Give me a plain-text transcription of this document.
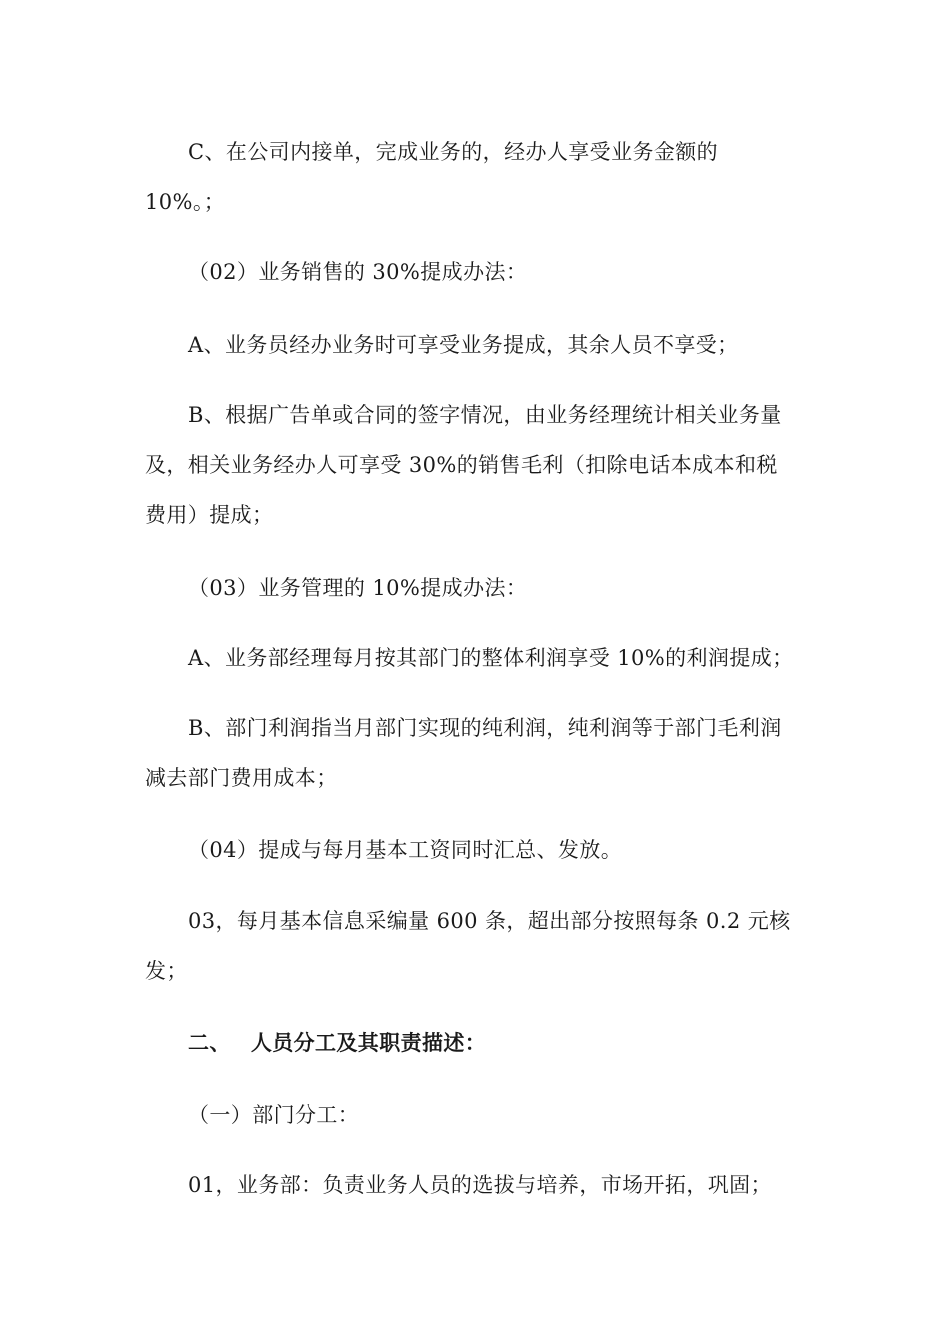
C、在公司内接单，完成业务的，经办人享受业务金额的
10%。；
（02）业务销售的 30%提成办法：
A、业务员经办业务时可享受业务提成，其余人员不享受；
B、根据广告单或合同的签字情况，由业务经理统计相关业务量
及，相关业务经办人可享受 30%的销售毛利（扣除电话本成本和税
费用）提成；
（03）业务管理的 10%提成办法：
A、业务部经理每月按其部门的整体利润享受 10%的利润提成；
B、部门利润指当月部门实现的纯利润，纯利润等于部门毛利润
减去部门费用成本；
（04）提成与每月基本工资同时汇总、发放。
03，每月基本信息采编量 600 条，超出部分按照每条 0.2 元核
发；
二、 人员分工及其职责描述：
（一）部门分工：
01，业务部：负责业务人员的选拔与培养，市场开拓，巩固；
